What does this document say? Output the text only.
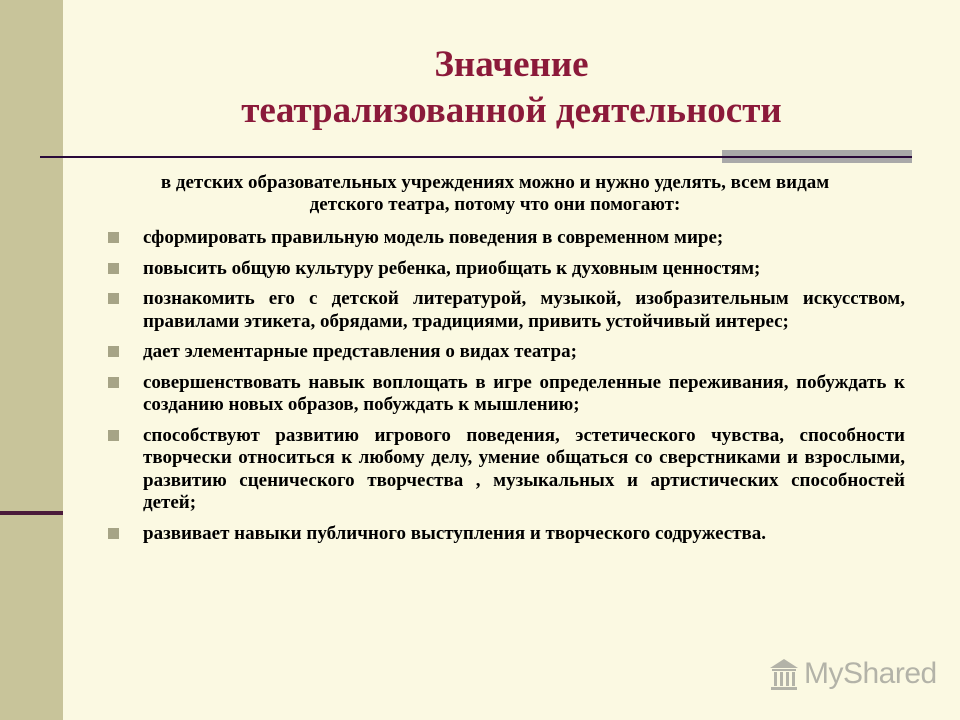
Значение
театрализованной деятельности
в детских образовательных учреждениях можно и нужно уделять, всем видам детского театра, потому что они помогают:
сформировать правильную модель поведения в современном мире;
повысить общую культуру ребенка, приобщать к духовным ценностям;
познакомить его с детской литературой, музыкой, изобразительным искусством, правилами этикета, обрядами, традициями, привить устойчивый интерес;
дает элементарные представления о видах театра;
совершенствовать навык воплощать в игре определенные переживания, побуждать к созданию новых образов, побуждать к мышлению;
способствуют развитию игрового поведения, эстетического чувства, способности творчески относиться к любому делу, умение общаться со сверстниками и взрослыми, развитию сценического творчества , музыкальных и артистических способностей детей;
развивает навыки публичного выступления и творческого содружества.
MyShared
